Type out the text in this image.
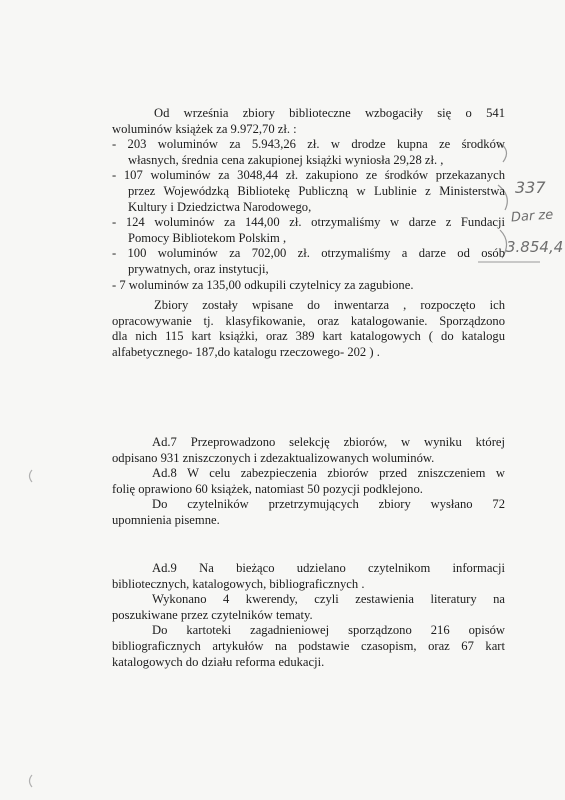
337
Dar ze
3.854,4
Od września zbiory biblioteczne wzbogaciły się o 541
woluminów książek za 9.972,70 zł. :
- 203 woluminów za 5.943,26 zł. w drodze kupna ze środków
własnych, średnia cena zakupionej książki wyniosła 29,28 zł. ,
- 107 woluminów za 3048,44 zł. zakupiono ze środków przekazanych
przez Wojewódzką Bibliotekę Publiczną w Lublinie z Ministerstwa
Kultury i Dziedzictwa Narodowego,
- 124 woluminów za 144,00 zł. otrzymaliśmy w darze z Fundacji
Pomocy Bibliotekom Polskim ,
- 100 woluminów za 702,00 zł. otrzymaliśmy a darze od osób
prywatnych, oraz instytucji,
- 7 woluminów za 135,00 odkupili czytelnicy za zagubione.
Zbiory zostały wpisane do inwentarza , rozpoczęto ich
opracowywanie tj. klasyfikowanie, oraz katalogowanie. Sporządzono
dla nich 115 kart książki, oraz 389 kart katalogowych ( do katalogu
alfabetycznego- 187,do katalogu rzeczowego- 202 ) .
Ad.7 Przeprowadzono selekcję zbiorów, w wyniku której
odpisano 931 zniszczonych i zdezaktualizowanych woluminów.
Ad.8 W celu zabezpieczenia zbiorów przed zniszczeniem w
folię oprawiono 60 książek, natomiast 50 pozycji podklejono.
Do czytelników przetrzymujących zbiory wysłano 72
upomnienia pisemne.
Ad.9 Na bieżąco udzielano czytelnikom informacji
bibliotecznych, katalogowych, bibliograficznych .
Wykonano 4 kwerendy, czyli zestawienia literatury na
poszukiwane przez czytelników tematy.
Do kartoteki zagadnieniowej sporządzono 216 opisów
bibliograficznych artykułów na podstawie czasopism, oraz 67 kart
katalogowych do działu reforma edukacji.
